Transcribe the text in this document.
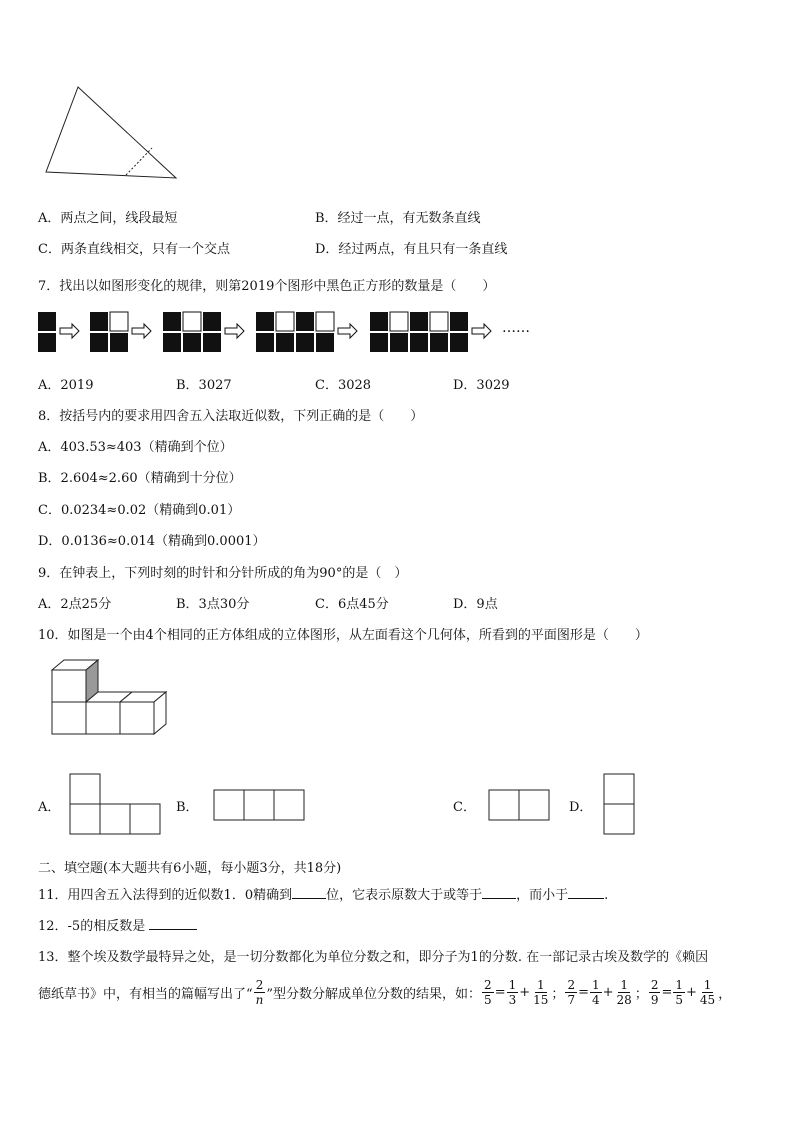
A．两点之间，线段最短	B．经过一点，有无数条直线
C．两条直线相交，只有一个交点	D．经过两点，有且只有一条直线
7．找出以如图形变化的规律，则第2019个图形中黑色正方形的数量是（　　）
……
A．2019	B．3027	C．3028	D．3029
8．按括号内的要求用四舍五入法取近似数，下列正确的是（　　）
A．403.53≈403（精确到个位）
B．2.604≈2.60（精确到十分位）
C．0.0234≈0.02（精确到0.01）
D．0.0136≈0.014（精确到0.0001）
9．在钟表上，下列时刻的时针和分针所成的角为90°的是（　）
A．2点25分	B．3点30分	C．6点45分	D．9点
10．如图是一个由4个相同的正方体组成的立体图形，从左面看这个几何体，所看到的平面图形是（　　）
A．	B．	C．	D．
二、填空题(本大题共有6小题，每小题3分，共18分)
11．用四舍五入法得到的近似数1．0精确到	位，它表示原数大于或等于	，而小于	.
12．-5的相反数是
13．整个埃及数学最特异之处，是一切分数都化为单位分数之和，即分子为1的分数. 在一部记录古埃及数学的《赖因
德纸草书》中，有相当的篇幅写出了“ $\frac{2}{n}$ ”型分数分解成单位分数的结果，如： $\frac{2}{5} = \frac{1}{3} + \frac{1}{15}$ ； $\frac{2}{7} = \frac{1}{4} + \frac{1}{28}$ ； $\frac{2}{9} = \frac{1}{5} + \frac{1}{45}$ ，
